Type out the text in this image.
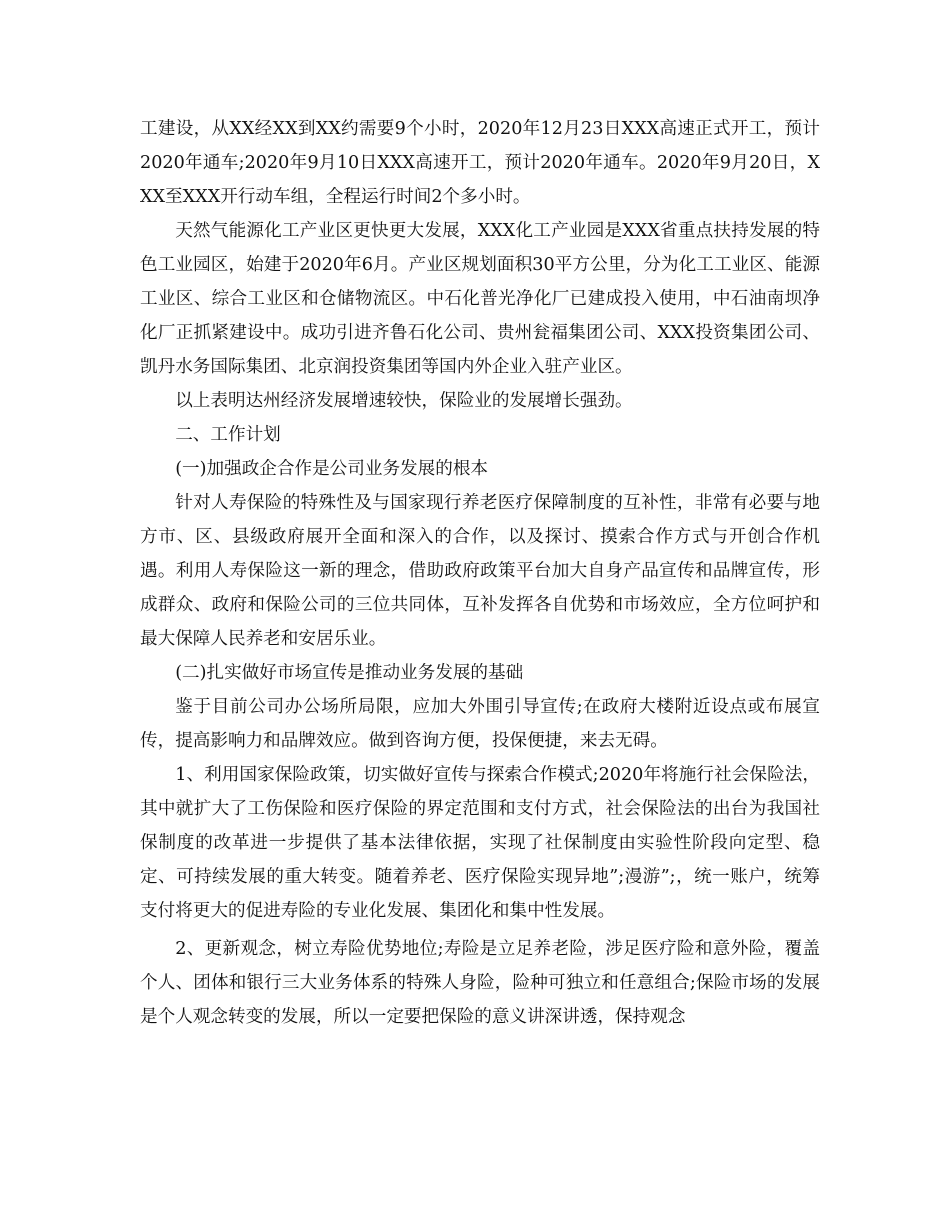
工建设，从XX经XX到XX约需要9个小时，2020年12月23日XXX高速正式开工，预计2020年通车;2020年9月10日XXX高速开工，预计2020年通车。2020年9月20日，XXX至XXX开行动车组，全程运行时间2个多小时。

天然气能源化工产业区更快更大发展，XXX化工产业园是XXX省重点扶持发展的特色工业园区，始建于2020年6月。产业区规划面积30平方公里，分为化工工业区、能源工业区、综合工业区和仓储物流区。中石化普光净化厂已建成投入使用，中石油南坝净化厂正抓紧建设中。成功引进齐鲁石化公司、贵州瓮福集团公司、XXX投资集团公司、凯丹水务国际集团、北京润投资集团等国内外企业入驻产业区。

以上表明达州经济发展增速较快，保险业的发展增长强劲。

二、工作计划

(一)加强政企合作是公司业务发展的根本

针对人寿保险的特殊性及与国家现行养老医疗保障制度的互补性，非常有必要与地方市、区、县级政府展开全面和深入的合作，以及探讨、摸索合作方式与开创合作机遇。利用人寿保险这一新的理念，借助政府政策平台加大自身产品宣传和品牌宣传，形成群众、政府和保险公司的三位共同体，互补发挥各自优势和市场效应，全方位呵护和最大保障人民养老和安居乐业。

(二)扎实做好市场宣传是推动业务发展的基础

鉴于目前公司办公场所局限，应加大外围引导宣传;在政府大楼附近设点或布展宣传，提高影响力和品牌效应。做到咨询方便，投保便捷，来去无碍。

1、利用国家保险政策，切实做好宣传与探索合作模式;2020年将施行社会保险法，其中就扩大了工伤保险和医疗保险的界定范围和支付方式，社会保险法的出台为我国社保制度的改革进一步提供了基本法律依据，实现了社保制度由实验性阶段向定型、稳定、可持续发展的重大转变。随着养老、医疗保险实现异地”;漫游”;，统一账户，统筹支付将更大的促进寿险的专业化发展、集团化和集中性发展。

2、更新观念，树立寿险优势地位;寿险是立足养老险，涉足医疗险和意外险，覆盖个人、团体和银行三大业务体系的特殊人身险，险种可独立和任意组合;保险市场的发展是个人观念转变的发展，所以一定要把保险的意义讲深讲透，保持观念
